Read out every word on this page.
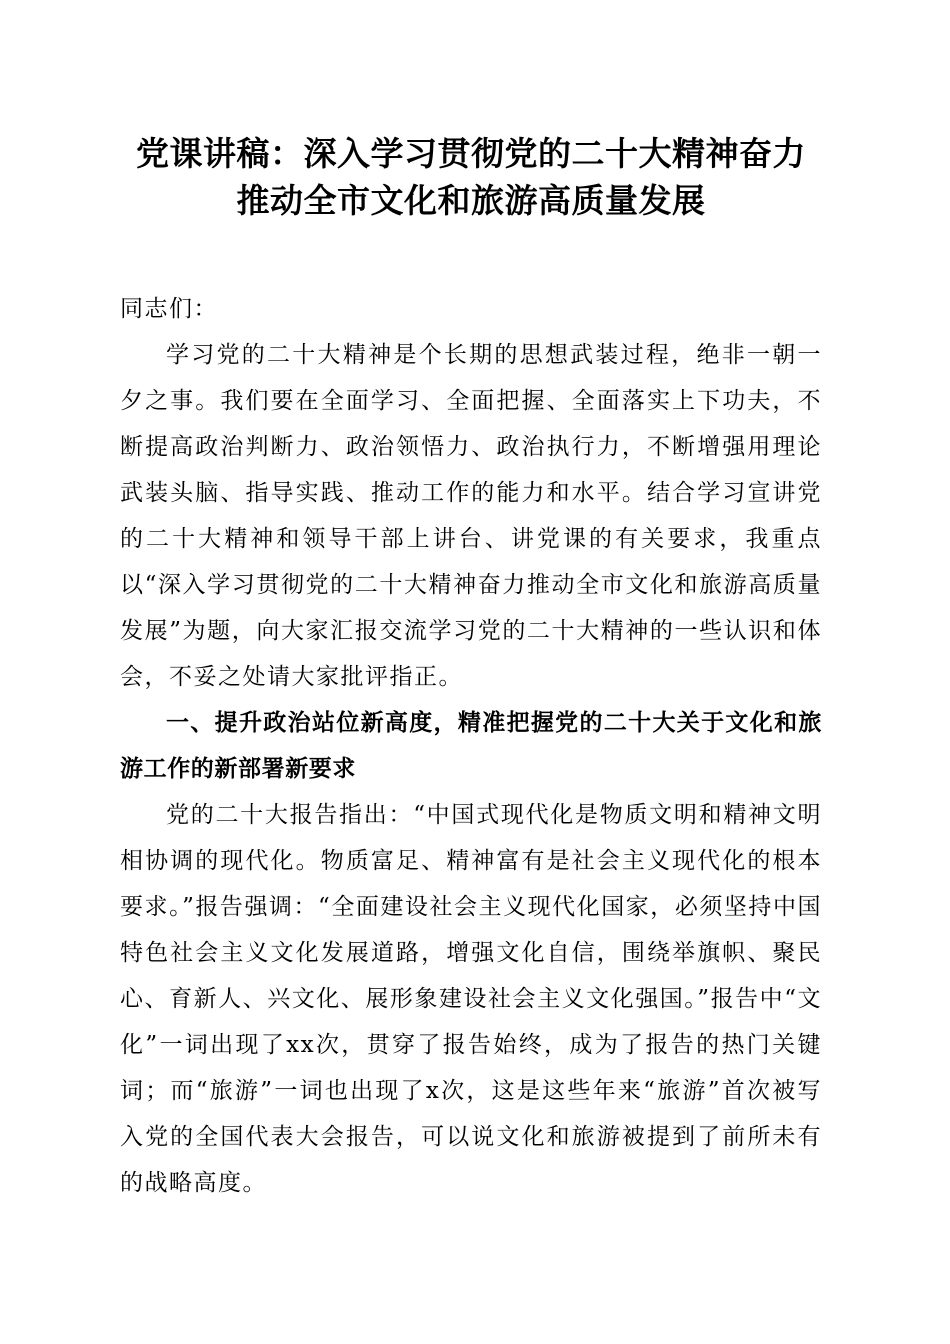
党课讲稿：深入学习贯彻党的二十大精神奋力
推动全市文化和旅游高质量发展

同志们：

学习党的二十大精神是个长期的思想武装过程，绝非一朝一夕之事。我们要在全面学习、全面把握、全面落实上下功夫，不断提高政治判断力、政治领悟力、政治执行力，不断增强用理论武装头脑、指导实践、推动工作的能力和水平。结合学习宣讲党的二十大精神和领导干部上讲台、讲党课的有关要求，我重点以“深入学习贯彻党的二十大精神奋力推动全市文化和旅游高质量发展”为题，向大家汇报交流学习党的二十大精神的一些认识和体会，不妥之处请大家批评指正。

一、提升政治站位新高度，精准把握党的二十大关于文化和旅游工作的新部署新要求

党的二十大报告指出：“中国式现代化是物质文明和精神文明相协调的现代化。物质富足、精神富有是社会主义现代化的根本要求。”报告强调：“全面建设社会主义现代化国家，必须坚持中国特色社会主义文化发展道路，增强文化自信，围绕举旗帜、聚民心、育新人、兴文化、展形象建设社会主义文化强国。”报告中“文化”一词出现了xx次，贯穿了报告始终，成为了报告的热门关键词；而“旅游”一词也出现了x次，这是这些年来“旅游”首次被写入党的全国代表大会报告，可以说文化和旅游被提到了前所未有的战略高度。
